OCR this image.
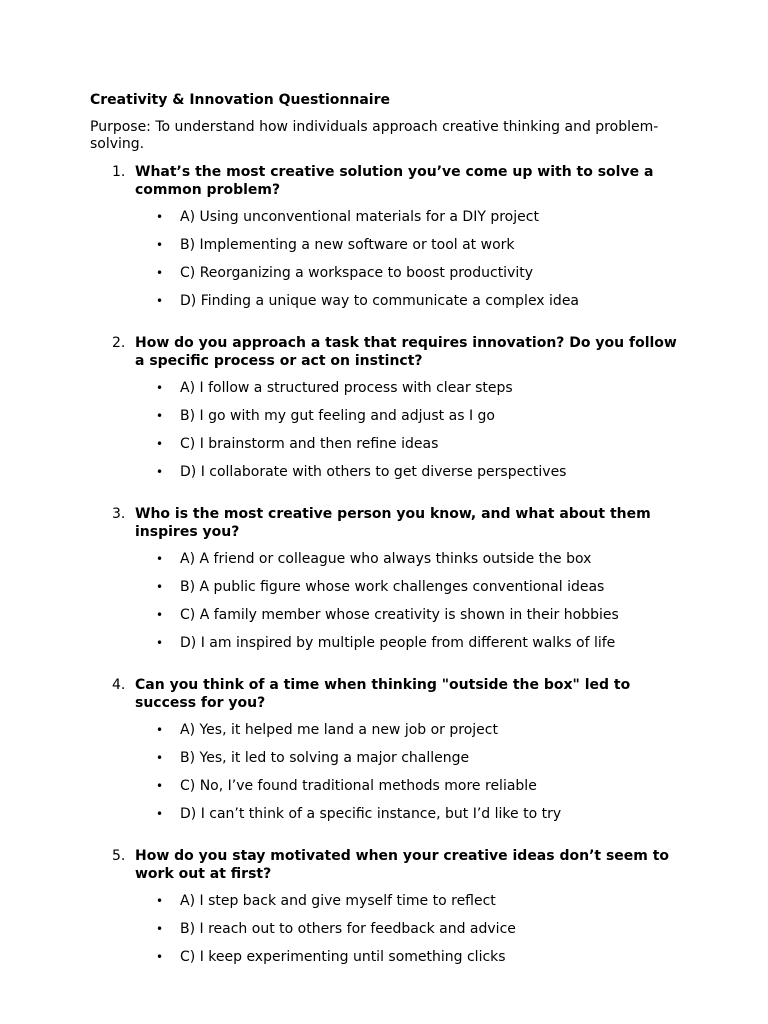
Creativity & Innovation Questionnaire
Purpose: To understand how individuals approach creative thinking and problem-solving.
1. What’s the most creative solution you’ve come up with to solve a common problem?
• A) Using unconventional materials for a DIY project
• B) Implementing a new software or tool at work
• C) Reorganizing a workspace to boost productivity
• D) Finding a unique way to communicate a complex idea
2. How do you approach a task that requires innovation? Do you follow a specific process or act on instinct?
• A) I follow a structured process with clear steps
• B) I go with my gut feeling and adjust as I go
• C) I brainstorm and then refine ideas
• D) I collaborate with others to get diverse perspectives
3. Who is the most creative person you know, and what about them inspires you?
• A) A friend or colleague who always thinks outside the box
• B) A public figure whose work challenges conventional ideas
• C) A family member whose creativity is shown in their hobbies
• D) I am inspired by multiple people from different walks of life
4. Can you think of a time when thinking "outside the box" led to success for you?
• A) Yes, it helped me land a new job or project
• B) Yes, it led to solving a major challenge
• C) No, I’ve found traditional methods more reliable
• D) I can’t think of a specific instance, but I’d like to try
5. How do you stay motivated when your creative ideas don’t seem to work out at first?
• A) I step back and give myself time to reflect
• B) I reach out to others for feedback and advice
• C) I keep experimenting until something clicks
